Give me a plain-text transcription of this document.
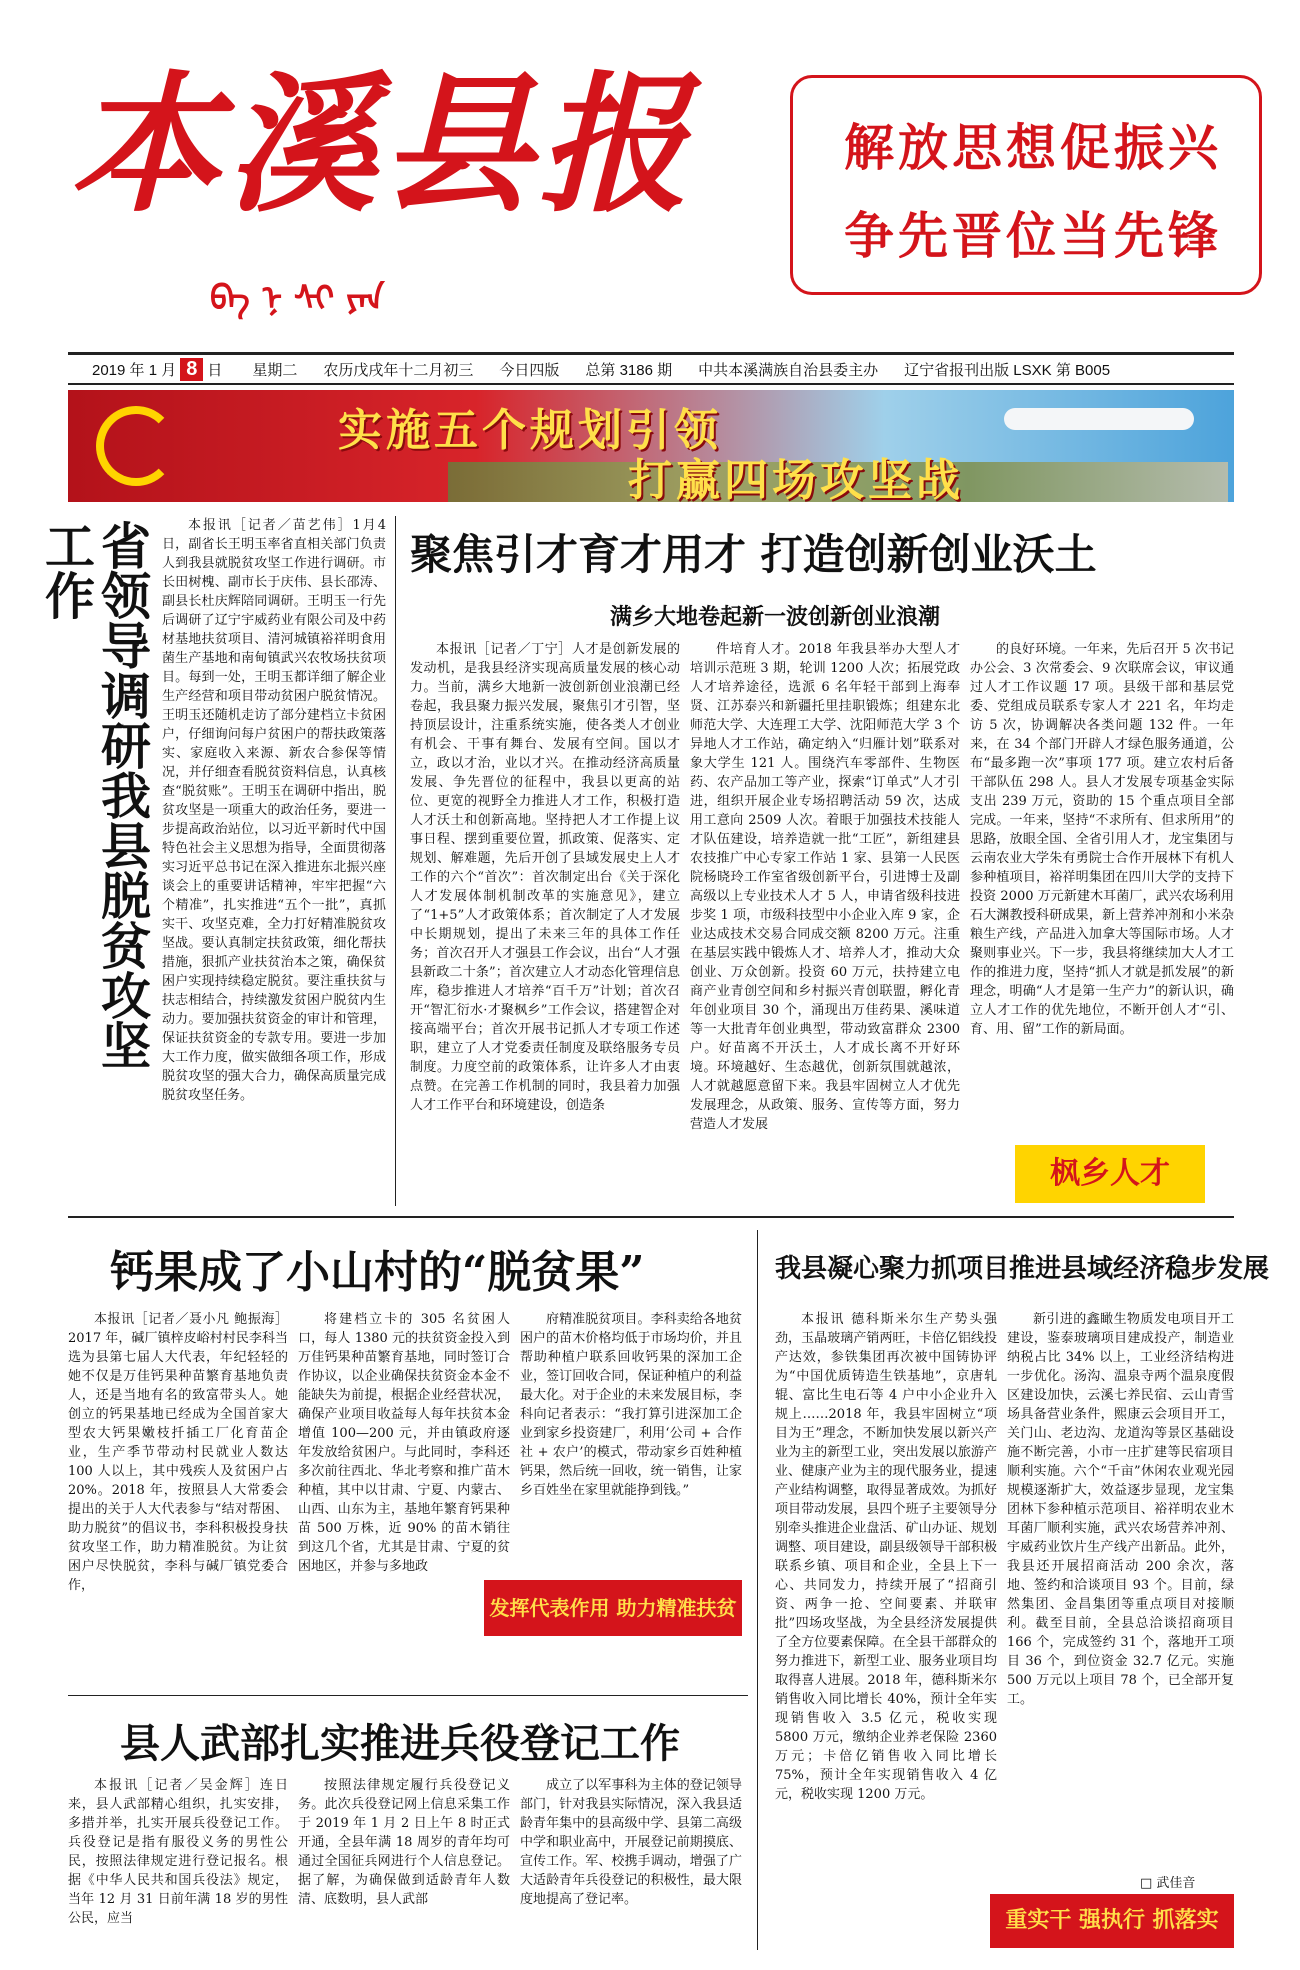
本溪县报
ᠪᠡ ᠨ ᠰᠢ ᠶᠠᠨ
解放思想促振兴
争先晋位当先锋
2019 年 1 月 8 日 星期二 农历戊戌年十二月初三 今日四版 总第 3186 期 中共本溪满族自治县委主办 辽宁省报刊出版 LSXK 第 B005
实施五个规划引领
打赢四场攻坚战
省领导调研我县脱贫攻坚工作	本报讯［记者／苗艺伟］1月4日，副省长王明玉率省直相关部门负责人到我县就脱贫攻坚工作进行调研。市长田树槐、副市长于庆伟、县长邵涛、副县长杜庆辉陪同调研。王明玉一行先后调研了辽宁宇威药业有限公司及中药材基地扶贫项目、清河城镇裕祥明食用菌生产基地和南甸镇武兴农牧场扶贫项目。每到一处，王明玉都详细了解企业生产经营和项目带动贫困户脱贫情况。王明玉还随机走访了部分建档立卡贫困户，仔细询问每户贫困户的帮扶政策落实、家庭收入来源、新农合参保等情况，并仔细查看脱贫资料信息，认真核查“脱贫账”。王明玉在调研中指出，脱贫攻坚是一项重大的政治任务，要进一步提高政治站位，以习近平新时代中国特色社会主义思想为指导，全面贯彻落实习近平总书记在深入推进东北振兴座谈会上的重要讲话精神，牢牢把握“六个精准”，扎实推进“五个一批”，真抓实干、攻坚克难，全力打好精准脱贫攻坚战。要认真制定扶贫政策，细化帮扶措施，狠抓产业扶贫治本之策，确保贫困户实现持续稳定脱贫。要注重扶贫与扶志相结合，持续激发贫困户脱贫内生动力。要加强扶贫资金的审计和管理，保证扶贫资金的专款专用。要进一步加大工作力度，做实做细各项工作，形成脱贫攻坚的强大合力，确保高质量完成脱贫攻坚任务。
聚焦引才育才用才 打造创新创业沃土
满乡大地卷起新一波创新创业浪潮
本报讯［记者／丁宁］人才是创新发展的发动机，是我县经济实现高质量发展的核心动力。当前，满乡大地新一波创新创业浪潮已经卷起，我县聚力振兴发展，聚焦引才引智，坚持顶层设计，注重系统实施，使各类人才创业有机会、干事有舞台、发展有空间。国以才立，政以才治，业以才兴。在推动经济高质量发展、争先晋位的征程中，我县以更高的站位、更宽的视野全力推进人才工作，积极打造人才沃土和创新高地。坚持把人才工作提上议事日程、摆到重要位置，抓政策、促落实、定规划、解难题，先后开创了县域发展史上人才工作的六个“首次”：首次制定出台《关于深化人才发展体制机制改革的实施意见》，建立了“1+5”人才政策体系；首次制定了人才发展中长期规划，提出了未来三年的具体工作任务；首次召开人才强县工作会议，出台“人才强县新政二十条”；首次建立人才动态化管理信息库，稳步推进人才培养“百千万”计划；首次召开“智汇衍水·才聚枫乡”工作会议，搭建智企对接高端平台；首次开展书记抓人才专项工作述职，建立了人才党委责任制度及联络服务专员制度。力度空前的政策体系，让许多人才由衷点赞。在完善工作机制的同时，我县着力加强人才工作平台和环境建设，创造条
件培育人才。2018 年我县举办大型人才培训示范班 3 期，轮训 1200 人次；拓展党政人才培养途径，选派 6 名年轻干部到上海奉贤、江苏泰兴和新疆托里挂职锻炼；组建东北师范大学、大连理工大学、沈阳师范大学 3 个异地人才工作站，确定纳入“归雁计划”联系对象大学生 121 人。围绕汽车零部件、生物医药、农产品加工等产业，探索“订单式”人才引进，组织开展企业专场招聘活动 59 次，达成用工意向 2509 人次。着眼于加强技术技能人才队伍建设，培养造就一批“工匠”，新组建县农技推广中心专家工作站 1 家、县第一人民医院杨晓玲工作室省级创新平台，引进博士及副高级以上专业技术人才 5 人，申请省级科技进步奖 1 项，市级科技型中小企业入库 9 家，企业达成技术交易合同成交额 8200 万元。注重在基层实践中锻炼人才、培养人才，推动大众创业、万众创新。投资 60 万元，扶持建立电商产业青创空间和乡村振兴青创联盟，孵化青年创业项目 30 个，涌现出万佳药果、溪味道等一大批青年创业典型，带动致富群众 2300 户。好苗离不开沃土，人才成长离不开好环境。环境越好、生态越优，创新氛围就越浓，人才就越愿意留下来。我县牢固树立人才优先发展理念，从政策、服务、宣传等方面，努力营造人才发展
的良好环境。一年来，先后召开 5 次书记办公会、3 次常委会、9 次联席会议，审议通过人才工作议题 17 项。县级干部和基层党委、党组成员联系专家人才 221 名，年均走访 5 次，协调解决各类问题 132 件。一年来，在 34 个部门开辟人才绿色服务通道，公布“最多跑一次”事项 177 项。建立农村后备干部队伍 298 人。县人才发展专项基金实际支出 239 万元，资助的 15 个重点项目全部完成。一年来，坚持“不求所有、但求所用”的思路，放眼全国、全省引用人才，龙宝集团与云南农业大学朱有勇院士合作开展林下有机人参种植项目，裕祥明集团在四川大学的支持下投资 2000 万元新建木耳菌厂，武兴农场利用石大渊教授科研成果，新上营养冲剂和小米杂粮生产线，产品进入加拿大等国际市场。人才聚则事业兴。下一步，我县将继续加大人才工作的推进力度，坚持“抓人才就是抓发展”的新理念，明确“人才是第一生产力”的新认识，确立人才工作的优先地位，不断开创人才“引、育、用、留”工作的新局面。
枫乡人才
钙果成了小山村的“脱贫果”
本报讯［记者／聂小凡 鲍振海］2017 年，碱厂镇梓皮峪村村民李科当选为县第七届人大代表，年纪轻轻的她不仅是万佳钙果种苗繁育基地负责人，还是当地有名的致富带头人。她创立的钙果基地已经成为全国首家大型农大钙果嫩枝扦插工厂化育苗企业，生产季节带动村民就业人数达 100 人以上，其中残疾人及贫困户占 20%。2018 年，按照县人大常委会提出的关于人大代表参与“结对帮困、助力脱贫”的倡议书，李科积极投身扶贫攻坚工作，助力精准脱贫。为让贫困户尽快脱贫，李科与碱厂镇党委合作，
将建档立卡的 305 名贫困人口，每人 1380 元的扶贫资金投入到万佳钙果种苗繁育基地，同时签订合作协议，以企业确保扶贫资金本金不能缺失为前提，根据企业经营状况，确保产业项目收益每人每年扶贫本金增值 100—200 元，并由镇政府逐年发放给贫困户。与此同时，李科还多次前往西北、华北考察和推广苗木种植，其中以甘肃、宁夏、内蒙古、山西、山东为主，基地年繁育钙果种苗 500 万株，近 90% 的苗木销往到这几个省，尤其是甘肃、宁夏的贫困地区，并参与多地政
府精准脱贫项目。李科卖给各地贫困户的苗木价格均低于市场均价，并且帮助种植户联系回收钙果的深加工企业，签订回收合同，保证种植户的利益最大化。对于企业的未来发展目标，李科向记者表示：“我打算引进深加工企业到家乡投资建厂，利用‘公司 + 合作社 + 农户’的模式，带动家乡百姓种植钙果，然后统一回收，统一销售，让家乡百姓坐在家里就能挣到钱。”
发挥代表作用 助力精准扶贫
县人武部扎实推进兵役登记工作
本报讯［记者／吴金辉］连日来，县人武部精心组织，扎实安排，多措并举，扎实开展兵役登记工作。兵役登记是指有服役义务的男性公民，按照法律规定进行登记报名。根据《中华人民共和国兵役法》规定，当年 12 月 31 日前年满 18 岁的男性公民，应当
按照法律规定履行兵役登记义务。此次兵役登记网上信息采集工作于 2019 年 1 月 2 日上午 8 时正式开通，全县年满 18 周岁的青年均可通过全国征兵网进行个人信息登记。据了解，为确保做到适龄青年人数清、底数明，县人武部
成立了以军事科为主体的登记领导部门，针对我县实际情况，深入我县适龄青年集中的县高级中学、县第二高级中学和职业高中，开展登记前期摸底、宣传工作。军、校携手调动，增强了广大适龄青年兵役登记的积极性，最大限度地提高了登记率。
我县凝心聚力抓项目推进县域经济稳步发展
本报讯 德科斯米尔生产势头强劲，玉晶玻璃产销两旺，卡倍亿铝线投产达效，参铁集团再次被中国铸协评为“中国优质铸造生铁基地”，京唐轧辊、富比生电石等 4 户中小企业升入规上……2018 年，我县牢固树立“项目为王”理念，不断加快发展以新兴产业为主的新型工业，突出发展以旅游产业、健康产业为主的现代服务业，提速产业结构调整，取得显著成效。为抓好项目带动发展，县四个班子主要领导分别牵头推进企业盘活、矿山办证、规划调整、项目建设，副县级领导干部积极联系乡镇、项目和企业，全县上下一心、共同发力，持续开展了“招商引资、两争一抢、空间要素、并联审批”四场攻坚战，为全县经济发展提供了全方位要素保障。在全县干部群众的努力推进下，新型工业、服务业项目均取得喜人进展。2018 年，德科斯米尔销售收入同比增长 40%，预计全年实现销售收入 3.5 亿元，税收实现 5800 万元，缴纳企业养老保险 2360 万元；卡倍亿销售收入同比增长 75%，预计全年实现销售收入 4 亿元，税收实现 1200 万元。
新引进的鑫瞰生物质发电项目开工建设，鉴泰玻璃项目建成投产，制造业纳税占比 34% 以上，工业经济结构进一步优化。汤沟、温泉寺两个温泉度假区建设加快，云溪七养民宿、云山青雪场具备营业条件，熙康云会项目开工，关门山、老边沟、龙道沟等景区基础设施不断完善，小市一庄扩建等民宿项目顺利实施。六个“千亩”休闲农业观光园规模逐渐扩大，效益逐步显现，龙宝集团林下参种植示范项目、裕祥明农业木耳菌厂顺利实施，武兴农场营养冲剂、宇威药业饮片生产线产出新品。此外，我县还开展招商活动 200 余次，落地、签约和洽谈项目 93 个。目前，绿然集团、金昌集团等重点项目对接顺利。截至目前，全县总洽谈招商项目 166 个，完成签约 31 个，落地开工项目 36 个，到位资金 32.7 亿元。实施 500 万元以上项目 78 个，已全部开复工。
□ 武佳音
重实干 强执行 抓落实
